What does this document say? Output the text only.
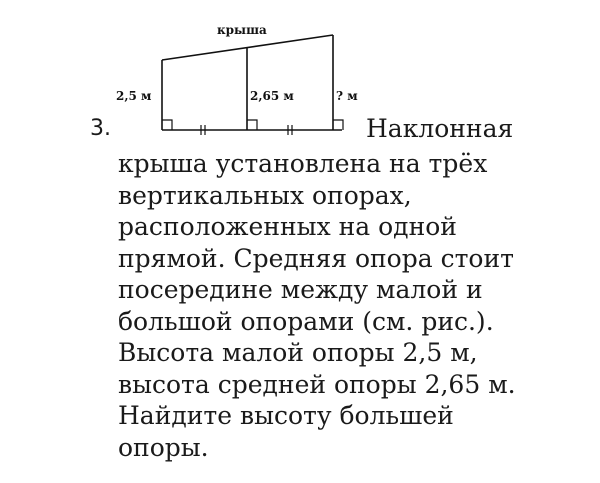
крыша
2,5 м	2,65 м	? м
3.	Наклонная
крыша установлена на трёх
вертикальных опорах,
расположенных на одной
прямой. Средняя опора стоит
посередине между малой и
большой опорами (см. рис.).
Высота малой опоры 2,5 м,
высота средней опоры 2,65 м.
Найдите высоту большей
опоры.
